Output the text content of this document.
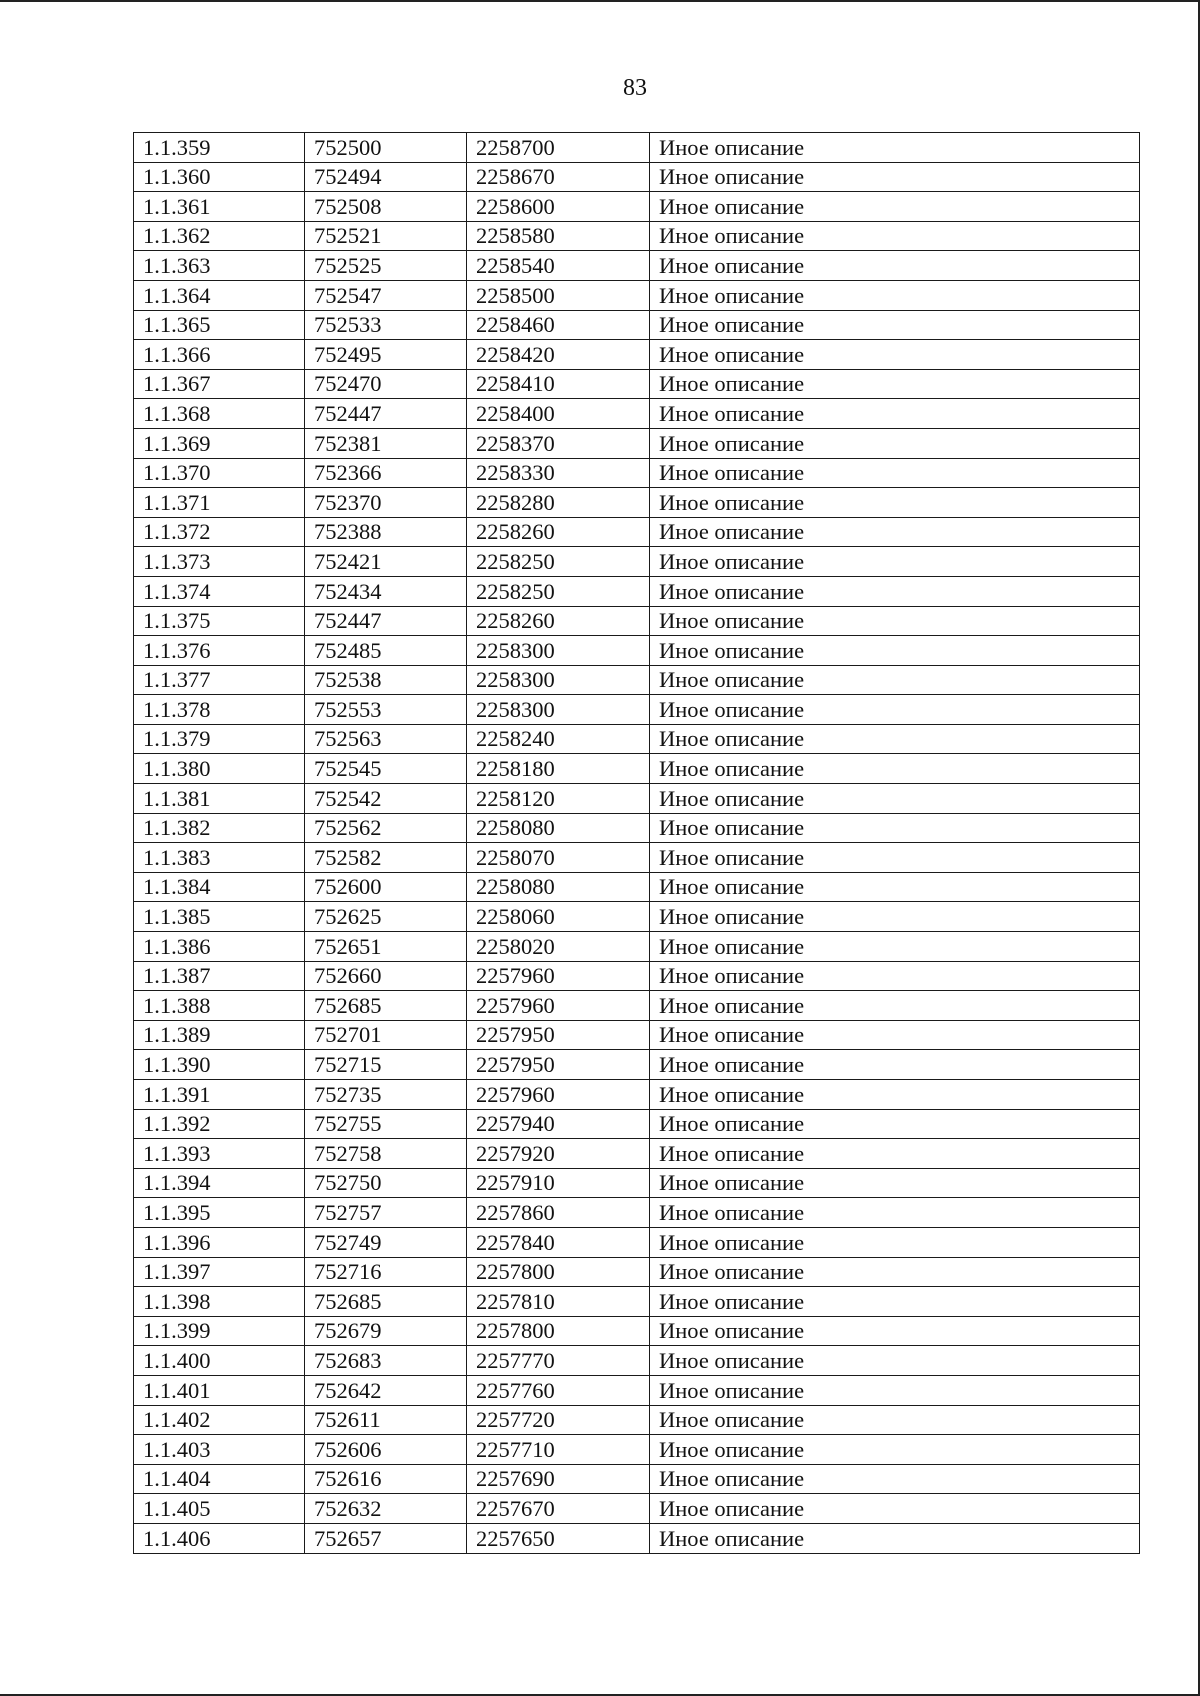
83
1.1.359	752500	2258700	Иное описание
1.1.360	752494	2258670	Иное описание
1.1.361	752508	2258600	Иное описание
1.1.362	752521	2258580	Иное описание
1.1.363	752525	2258540	Иное описание
1.1.364	752547	2258500	Иное описание
1.1.365	752533	2258460	Иное описание
1.1.366	752495	2258420	Иное описание
1.1.367	752470	2258410	Иное описание
1.1.368	752447	2258400	Иное описание
1.1.369	752381	2258370	Иное описание
1.1.370	752366	2258330	Иное описание
1.1.371	752370	2258280	Иное описание
1.1.372	752388	2258260	Иное описание
1.1.373	752421	2258250	Иное описание
1.1.374	752434	2258250	Иное описание
1.1.375	752447	2258260	Иное описание
1.1.376	752485	2258300	Иное описание
1.1.377	752538	2258300	Иное описание
1.1.378	752553	2258300	Иное описание
1.1.379	752563	2258240	Иное описание
1.1.380	752545	2258180	Иное описание
1.1.381	752542	2258120	Иное описание
1.1.382	752562	2258080	Иное описание
1.1.383	752582	2258070	Иное описание
1.1.384	752600	2258080	Иное описание
1.1.385	752625	2258060	Иное описание
1.1.386	752651	2258020	Иное описание
1.1.387	752660	2257960	Иное описание
1.1.388	752685	2257960	Иное описание
1.1.389	752701	2257950	Иное описание
1.1.390	752715	2257950	Иное описание
1.1.391	752735	2257960	Иное описание
1.1.392	752755	2257940	Иное описание
1.1.393	752758	2257920	Иное описание
1.1.394	752750	2257910	Иное описание
1.1.395	752757	2257860	Иное описание
1.1.396	752749	2257840	Иное описание
1.1.397	752716	2257800	Иное описание
1.1.398	752685	2257810	Иное описание
1.1.399	752679	2257800	Иное описание
1.1.400	752683	2257770	Иное описание
1.1.401	752642	2257760	Иное описание
1.1.402	752611	2257720	Иное описание
1.1.403	752606	2257710	Иное описание
1.1.404	752616	2257690	Иное описание
1.1.405	752632	2257670	Иное описание
1.1.406	752657	2257650	Иное описание
